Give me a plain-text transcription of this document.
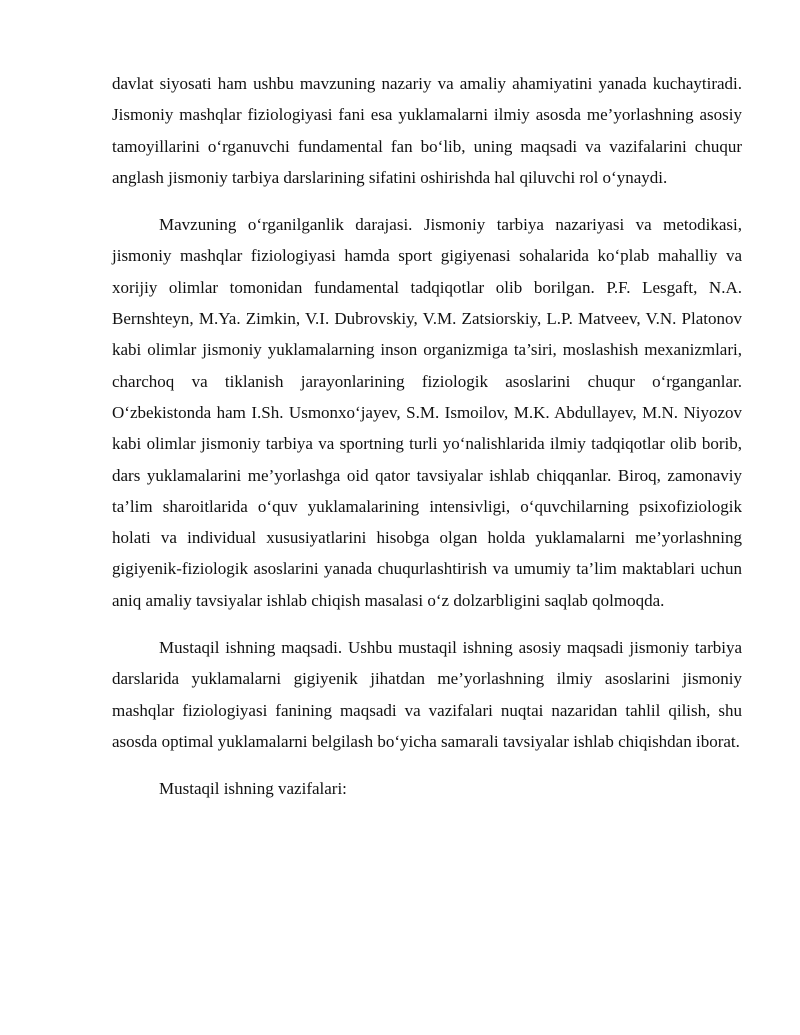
davlat siyosati ham ushbu mavzuning nazariy va amaliy ahamiyatini yanada kuchaytiradi. Jismoniy mashqlar fiziologiyasi fani esa yuklamalarni ilmiy asosda me’yorlashning asosiy tamoyillarini o‘rganuvchi fundamental fan bo‘lib, uning maqsadi va vazifalarini chuqur anglash jismoniy tarbiya darslarining sifatini oshirishda hal qiluvchi rol o‘ynaydi.

Mavzuning o‘rganilganlik darajasi. Jismoniy tarbiya nazariyasi va metodikasi, jismoniy mashqlar fiziologiyasi hamda sport gigiyenasi sohalarida ko‘plab mahalliy va xorijiy olimlar tomonidan fundamental tadqiqotlar olib borilgan. P.F. Lesgaft, N.A. Bernshteyn, M.Ya. Zimkin, V.I. Dubrovskiy, V.M. Zatsiorskiy, L.P. Matveev, V.N. Platonov kabi olimlar jismoniy yuklamalarning inson organizmiga ta’siri, moslashish mexanizmlari, charchoq va tiklanish jarayonlarining fiziologik asoslarini chuqur o‘rganganlar. O‘zbekistonda ham I.Sh. Usmonxo‘jayev, S.M. Ismoilov, M.K. Abdullayev, M.N. Niyozov kabi olimlar jismoniy tarbiya va sportning turli yo‘nalishlarida ilmiy tadqiqotlar olib borib, dars yuklamalarini me’yorlashga oid qator tavsiyalar ishlab chiqqanlar. Biroq, zamonaviy ta’lim sharoitlarida o‘quv yuklamalarining intensivligi, o‘quvchilarning psixofiziologik holati va individual xususiyatlarini hisobga olgan holda yuklamalarni me’yorlashning gigiyenik-fiziologik asoslarini yanada chuqurlashtirish va umumiy ta’lim maktablari uchun aniq amaliy tavsiyalar ishlab chiqish masalasi o‘z dolzarbligini saqlab qolmoqda.

Mustaqil ishning maqsadi. Ushbu mustaqil ishning asosiy maqsadi jismoniy tarbiya darslarida yuklamalarni gigiyenik jihatdan me’yorlashning ilmiy asoslarini jismoniy mashqlar fiziologiyasi fanining maqsadi va vazifalari nuqtai nazaridan tahlil qilish, shu asosda optimal yuklamalarni belgilash bo‘yicha samarali tavsiyalar ishlab chiqishdan iborat.

Mustaqil ishning vazifalari:
